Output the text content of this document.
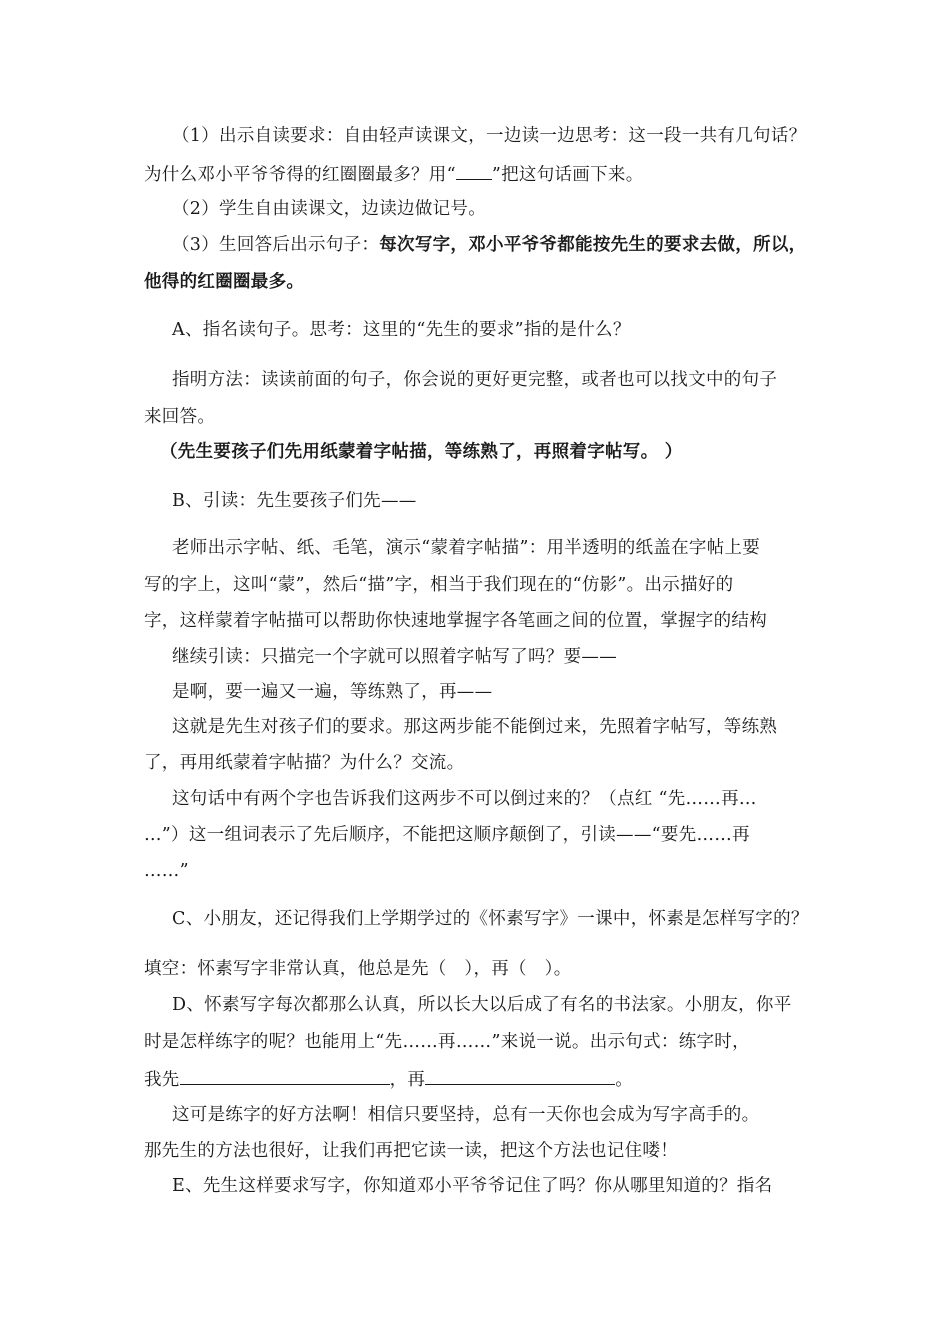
（1）出示自读要求：自由轻声读课文，一边读一边思考：这一段一共有几句话？
为什么邓小平爷爷得的红圈圈最多？用“ ”把这句话画下来。
（2）学生自由读课文，边读边做记号。
（3）生回答后出示句子：每次写字，邓小平爷爷都能按先生的要求去做，所以，
他得的红圈圈最多。
A、指名读句子。思考：这里的“先生的要求”指的是什么？
指明方法：读读前面的句子，你会说的更好更完整，或者也可以找文中的句子
来回答。
（先生要孩子们先用纸蒙着字帖描，等练熟了，再照着字帖写。 ）
B、引读：先生要孩子们先——
老师出示字帖、纸、毛笔，演示“蒙着字帖描”：用半透明的纸盖在字帖上要
写的字上，这叫“蒙”，然后“描”字，相当于我们现在的“仿影”。出示描好的
字，这样蒙着字帖描可以帮助你快速地掌握字各笔画之间的位置，掌握字的结构
继续引读：只描完一个字就可以照着字帖写了吗？要——
是啊，要一遍又一遍，等练熟了，再——
这就是先生对孩子们的要求。那这两步能不能倒过来，先照着字帖写，等练熟
了，再用纸蒙着字帖描？为什么？交流。
这句话中有两个字也告诉我们这两步不可以倒过来的？（点红 “先……再…
…”）这一组词表示了先后顺序，不能把这顺序颠倒了，引读——“要先……再
……”
C、小朋友，还记得我们上学期学过的《怀素写字》一课中，怀素是怎样写字的？
填空：怀素写字非常认真，他总是先（　），再（　）。
D、怀素写字每次都那么认真，所以长大以后成了有名的书法家。小朋友，你平
时是怎样练字的呢？也能用上“先……再……”来说一说。出示句式：练字时，
我先	，再	。
这可是练字的好方法啊！相信只要坚持，总有一天你也会成为写字高手的。
那先生的方法也很好，让我们再把它读一读，把这个方法也记住喽！
E、先生这样要求写字，你知道邓小平爷爷记住了吗？你从哪里知道的？指名
